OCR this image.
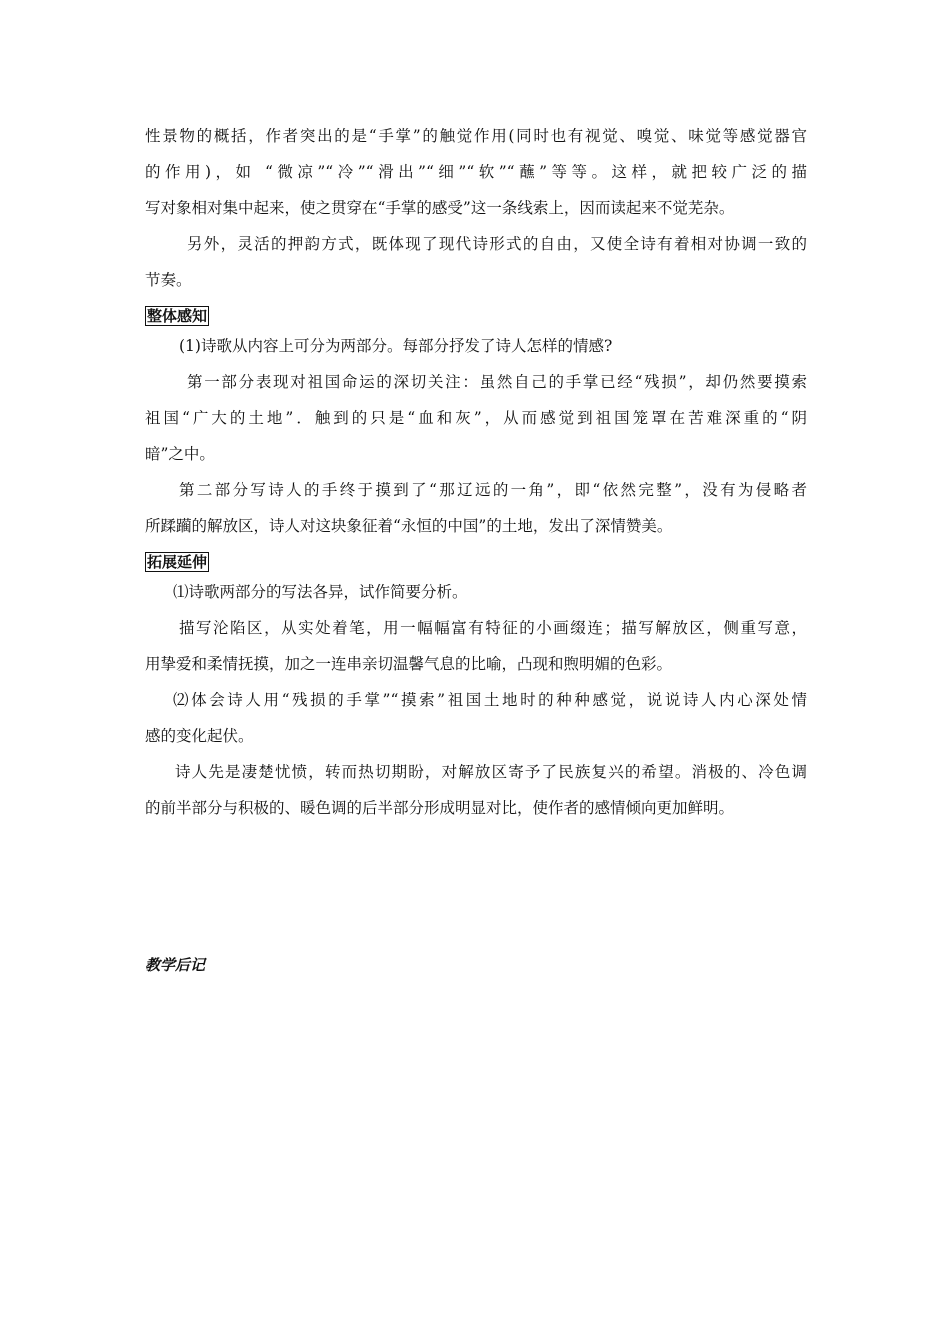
性景物的概括，作者突出的是“手掌”的触觉作用(同时也有视觉、嗅觉、味觉等感觉器官

的作用)，如 “微凉”“冷”“滑出”“细”“软”“蘸”等等。这样，就把较广泛的描

写对象相对集中起来，使之贯穿在“手掌的感受”这一条线索上，因而读起来不觉芜杂。

另外，灵活的押韵方式，既体现了现代诗形式的自由，又使全诗有着相对协调一致的

节奏。

整体感知

(1)诗歌从内容上可分为两部分。每部分抒发了诗人怎样的情感?

第一部分表现对祖国命运的深切关注：虽然自己的手掌已经“残损”，却仍然要摸索

祖国“广大的土地”．触到的只是“血和灰”，从而感觉到祖国笼罩在苦难深重的“阴

暗”之中。

第二部分写诗人的手终于摸到了“那辽远的一角”，即“依然完整”，没有为侵略者

所蹂躏的解放区，诗人对这块象征着“永恒的中国”的土地，发出了深情赞美。

拓展延伸

⑴诗歌两部分的写法各异，试作简要分析。

描写沦陷区，从实处着笔，用一幅幅富有特征的小画缀连；描写解放区，侧重写意，

用挚爱和柔情抚摸，加之一连串亲切温馨气息的比喻，凸现和煦明媚的色彩。

⑵体会诗人用“残损的手掌”“摸索”祖国土地时的种种感觉，说说诗人内心深处情

感的变化起伏。

诗人先是凄楚忧愤，转而热切期盼，对解放区寄予了民族复兴的希望。消极的、冷色调

的前半部分与积极的、暖色调的后半部分形成明显对比，使作者的感情倾向更加鲜明。

教学后记
